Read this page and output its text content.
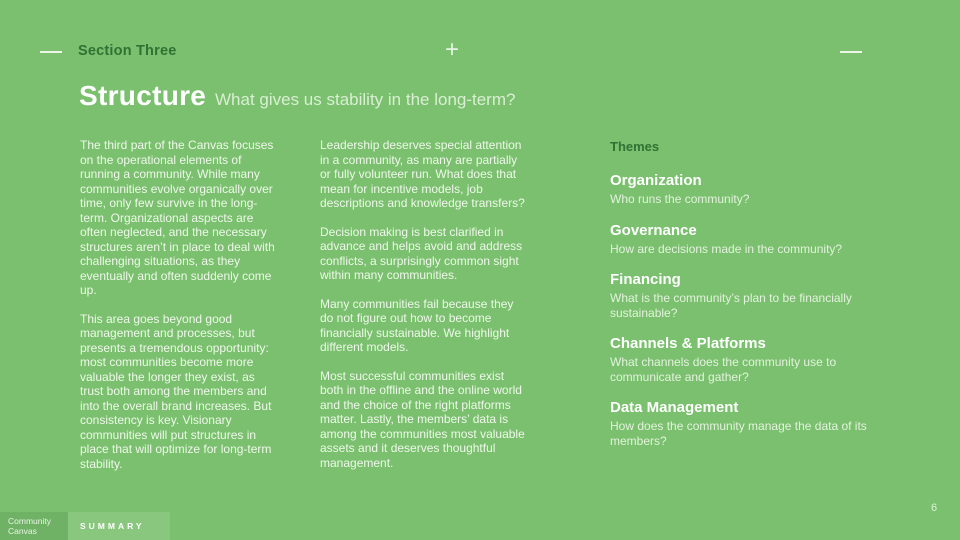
Section Three	+
Structure What gives us stability in the long-term?

The third part of the Canvas focuses on the operational elements of running a community. While many communities evolve organically over time, only few survive in the long-term. Organizational aspects are often neglected, and the necessary structures aren’t in place to deal with challenging situations, as they eventually and often suddenly come up.

This area goes beyond good management and processes, but presents a tremendous opportunity: most communities become more valuable the longer they exist, as trust both among the members and into the overall brand increases. But consistency is key. Visionary communities will put structures in place that will optimize for long-term stability.

Leadership deserves special attention in a community, as many are partially or fully volunteer run. What does that mean for incentive models, job descriptions and knowledge transfers?

Decision making is best clarified in advance and helps avoid and address conflicts, a surprisingly common sight within many communities.

Many communities fail because they do not figure out how to become financially sustainable. We highlight different models.

Most successful communities exist both in the offline and the online world and the choice of the right platforms matter. Lastly, the members’ data is among the communities most valuable assets and it deserves thoughtful management.

Themes
Organization
Who runs the community?
Governance
How are decisions made in the community?
Financing
What is the community’s plan to be financially sustainable?
Channels & Platforms
What channels does the community use to communicate and gather?
Data Management
How does the community manage the data of its members?
Community
Canvas	SUMMARY
6
